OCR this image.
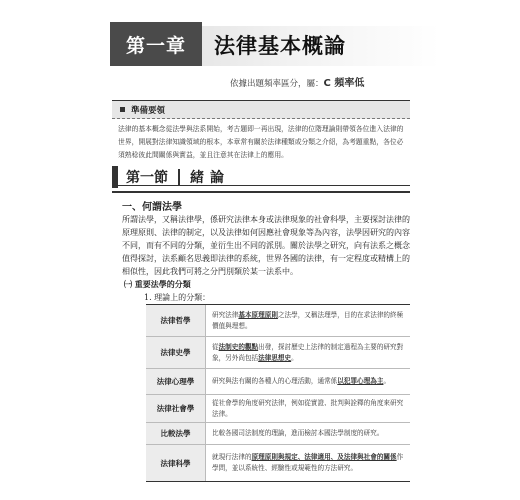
第一章 法律基本概論
依據出題頻率區分，屬：C 頻率低
準備要領
法律的基本概念從法學與法系開始，考古題即一再出現，法律的位階理論則帶領各位進入法律的世界，開展對法律知識領域的根本，本章常有關於法律種類或分類之介紹，為考題重點，各位必須熟稔彼此間關係與實益，並且注意其在法律上的應用。
第一節 緒論
一、何謂法學
所謂法學，又稱法律學，係研究法律本身或法律現象的社會科學，主要探討法律的原理原則、法律的制定，以及法律如何因應社會現象等為內容，法學因研究的內容不同，而有不同的分類，並衍生出不同的派別。關於法學之研究，向有法系之概念值得探討，法系顧名思義即法律的系統，世界各國的法律，有一定程度或精構上的相似性，因此我們可將之分門別類於某一法系中。
㈠ 重要法學的分類
1. 理論上的分類：
法律哲學
研究法律基本原理原則之法學，又稱法理學，目的在求法律的終極價值與理想。
法律史學
從法制史的觀點出發，探討歷史上法律的制定過程為主要的研究對象，另外尚包括法律思想史。
法律心理學	研究與法有關的各種人的心理活動，通常係以犯罪心理為主。
法律社會學
從社會學的角度研究法律，例如從實證、批判與詮釋的角度來研究法律。
比較法學	比較各國司法制度的理論，進而檢討本國法學制度的研究。
法律科學
就現行法律的原理原則與規定、法律適用、及法律與社會的關係作學問，並以系統性、經驗性或規範性的方法研究。
